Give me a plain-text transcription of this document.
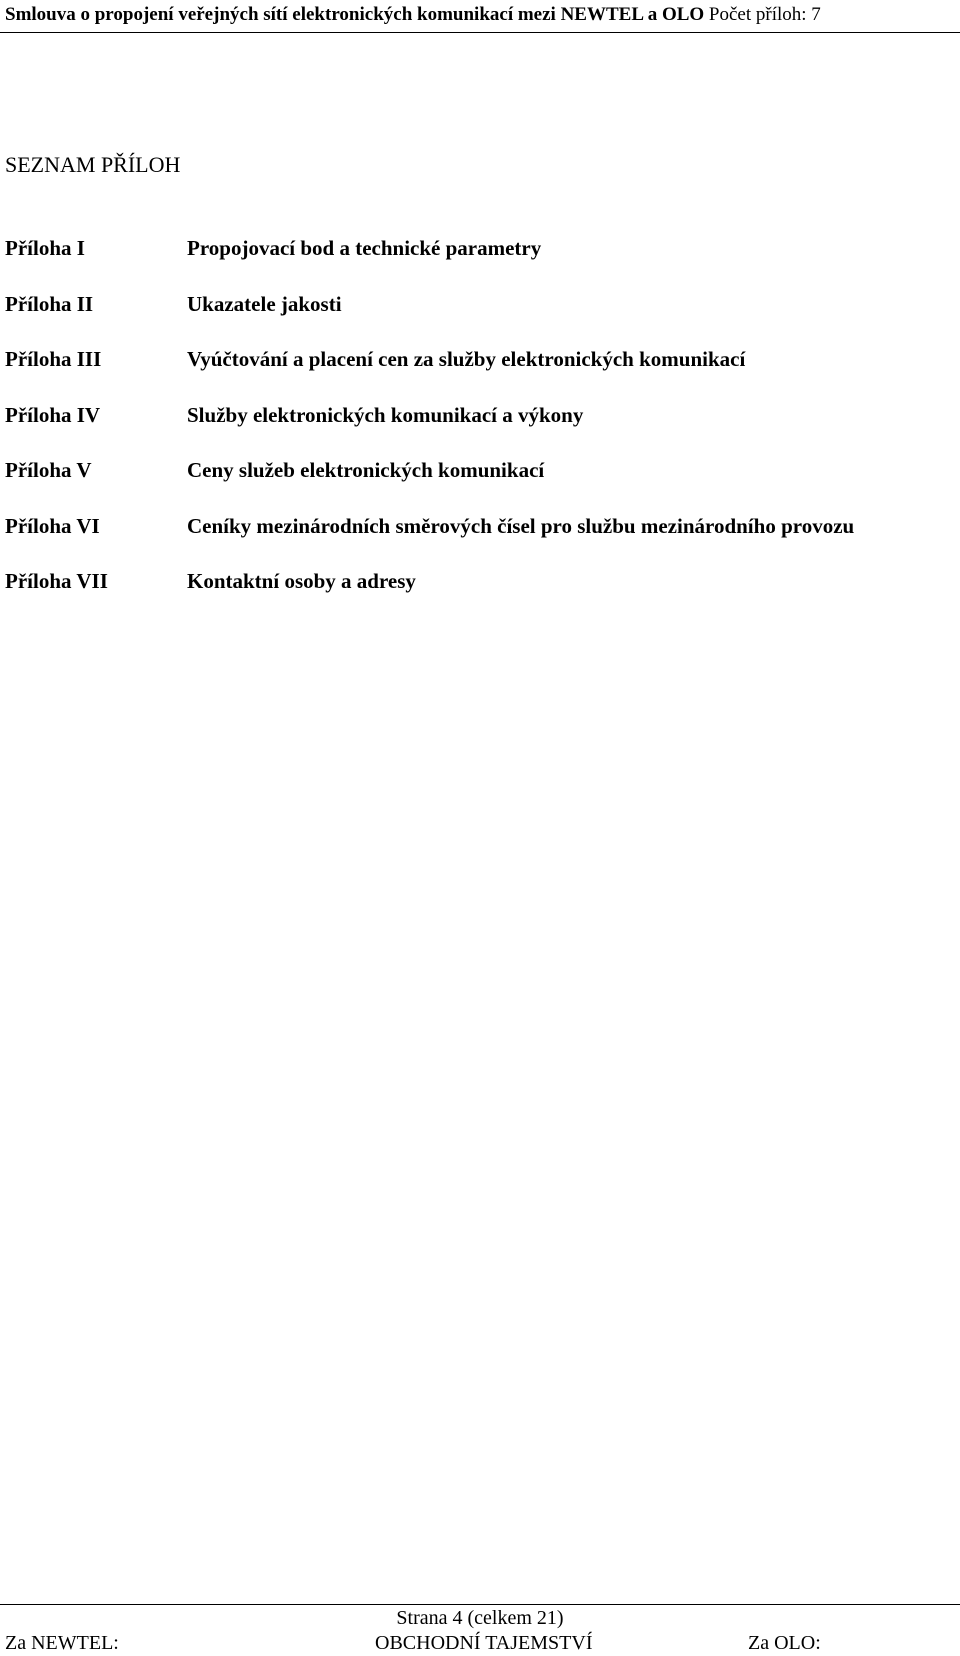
Smlouva o propojení veřejných sítí elektronických komunikací mezi NEWTEL a OLO Počet příloh: 7
SEZNAM PŘÍLOH
Příloha I	Propojovací bod a technické parametry
Příloha II	Ukazatele jakosti
Příloha III	Vyúčtování a placení cen za služby elektronických komunikací
Příloha IV	Služby elektronických komunikací a výkony
Příloha V	Ceny služeb elektronických komunikací
Příloha VI	Ceníky mezinárodních směrových čísel pro službu mezinárodního provozu
Příloha VII	Kontaktní osoby a adresy
Strana 4 (celkem 21)
Za NEWTEL:	OBCHODNÍ TAJEMSTVÍ	Za OLO:
